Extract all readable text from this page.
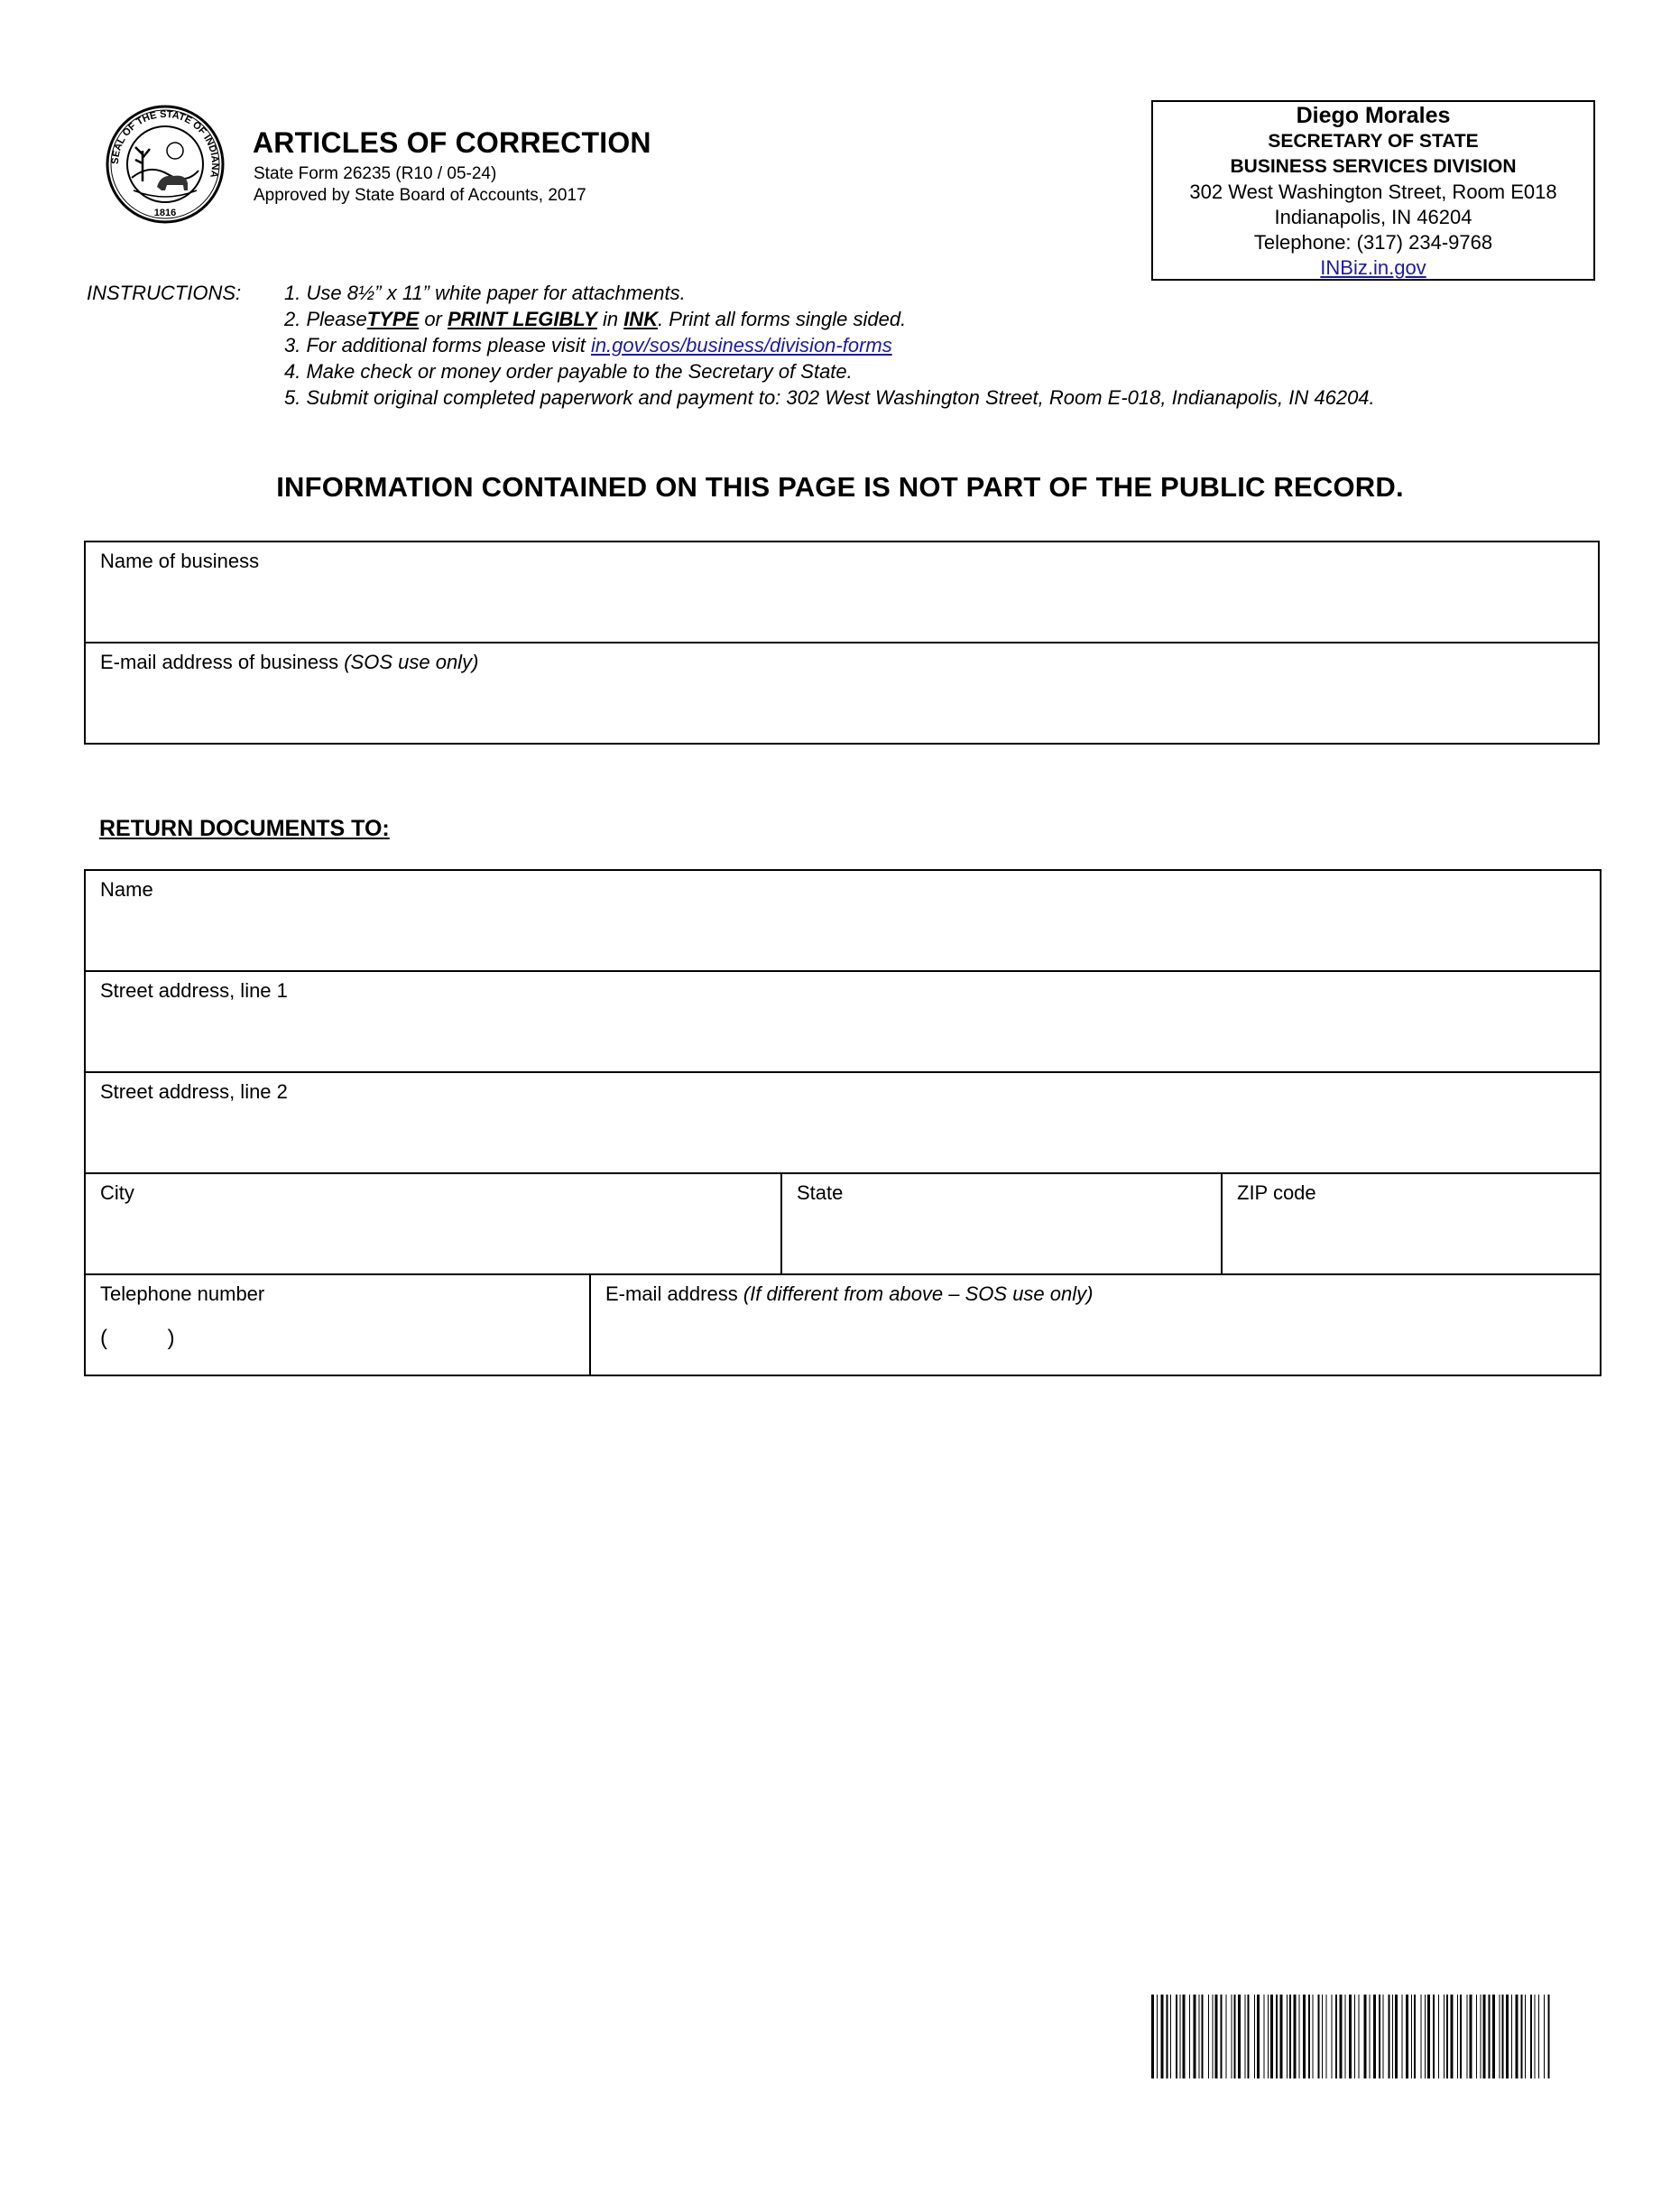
SEAL OF THE STATE OF INDIANA
1816
ARTICLES OF CORRECTION
State Form 26235 (R10 / 05-24)
Approved by State Board of Accounts, 2017
Diego Morales
SECRETARY OF STATE
BUSINESS SERVICES DIVISION
302 West Washington Street, Room E018
Indianapolis, IN 46204
Telephone: (317) 234-9768
INBiz.in.gov
INSTRUCTIONS: 1. Use 8½” x 11” white paper for attachments.
2. PleaseTYPE or PRINT LEGIBLY in INK. Print all forms single sided.
3. For additional forms please visit in.gov/sos/business/division-forms
4. Make check or money order payable to the Secretary of State.
5. Submit original completed paperwork and payment to: 302 West Washington Street, Room E-018, Indianapolis, IN 46204.
INFORMATION CONTAINED ON THIS PAGE IS NOT PART OF THE PUBLIC RECORD.
Name of business
E-mail address of business (SOS use only)
RETURN DOCUMENTS TO:
Name			
Street address, line 1			
Street address, line 2			
City		State	ZIP code
Telephone number
(          )	E-mail address (If different from above – SOS use only)		
